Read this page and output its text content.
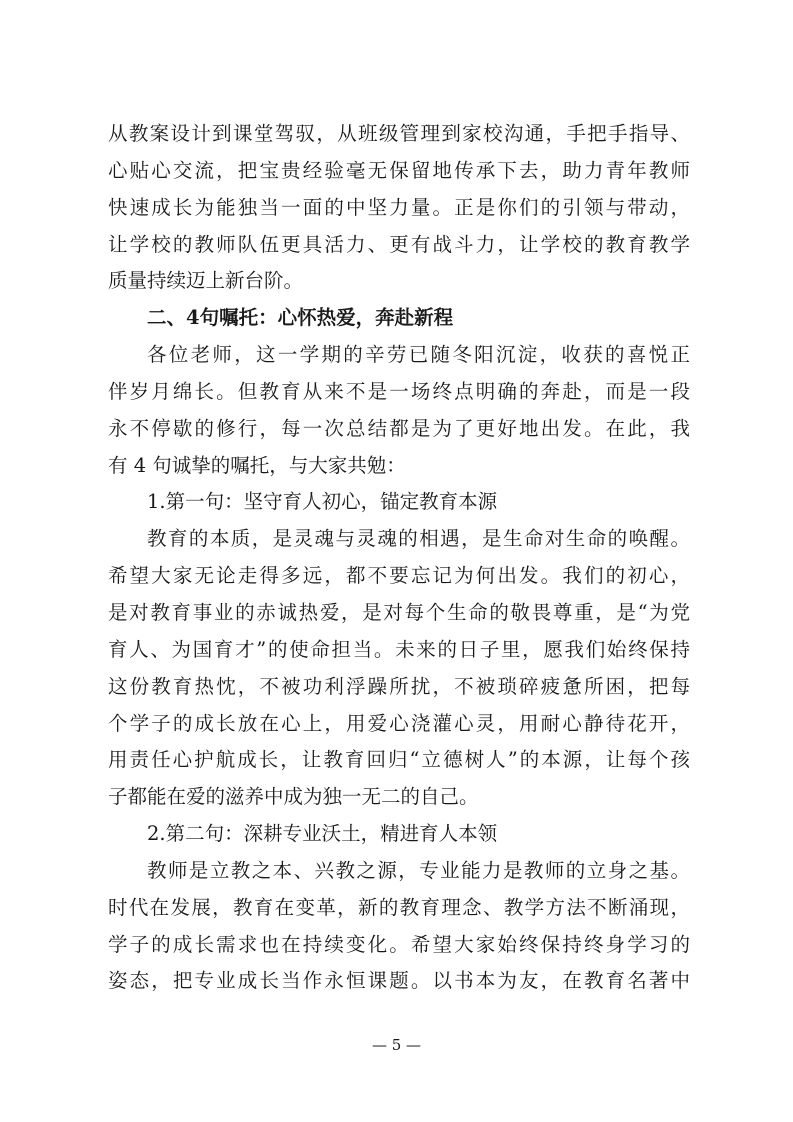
从教案设计到课堂驾驭，从班级管理到家校沟通，手把手指导、
心贴心交流，把宝贵经验毫无保留地传承下去，助力青年教师
快速成长为能独当一面的中坚力量。正是你们的引领与带动，
让学校的教师队伍更具活力、更有战斗力，让学校的教育教学
质量持续迈上新台阶。
二、4句嘱托：心怀热爱，奔赴新程
各位老师，这一学期的辛劳已随冬阳沉淀，收获的喜悦正
伴岁月绵长。但教育从来不是一场终点明确的奔赴，而是一段
永不停歇的修行，每一次总结都是为了更好地出发。在此，我
有 4 句诚挚的嘱托，与大家共勉：
1.第一句：坚守育人初心，锚定教育本源
教育的本质，是灵魂与灵魂的相遇，是生命对生命的唤醒。
希望大家无论走得多远，都不要忘记为何出发。我们的初心，
是对教育事业的赤诚热爱，是对每个生命的敬畏尊重，是“为党
育人、为国育才”的使命担当。未来的日子里，愿我们始终保持
这份教育热忱，不被功利浮躁所扰，不被琐碎疲惫所困，把每
个学子的成长放在心上，用爱心浇灌心灵，用耐心静待花开，
用责任心护航成长，让教育回归“立德树人”的本源，让每个孩
子都能在爱的滋养中成为独一无二的自己。
2.第二句：深耕专业沃土，精进育人本领
教师是立教之本、兴教之源，专业能力是教师的立身之基。
时代在发展，教育在变革，新的教育理念、教学方法不断涌现，
学子的成长需求也在持续变化。希望大家始终保持终身学习的
姿态，把专业成长当作永恒课题。以书本为友，在教育名著中
— 5 —
